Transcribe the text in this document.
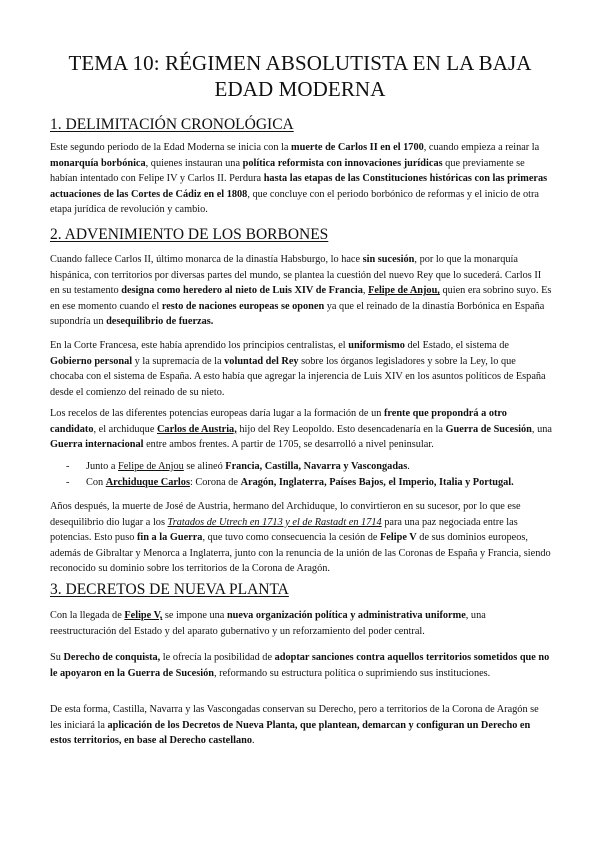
TEMA 10: RÉGIMEN ABSOLUTISTA EN LA BAJA
EDAD MODERNA
1. DELIMITACIÓN CRONOLÓGICA
Este segundo periodo de la Edad Moderna se inicia con la muerte de Carlos II en el 1700, cuando empieza a reinar la monarquía borbónica, quienes instauran una política reformista con innovaciones jurídicas que previamente se habían intentado con Felipe IV y Carlos II. Perdura hasta las etapas de las Constituciones históricas con las primeras actuaciones de las Cortes de Cádiz en el 1808, que concluye con el periodo borbónico de reformas y el inicio de otra etapa jurídica de revolución y cambio.
2. ADVENIMIENTO DE LOS BORBONES
Cuando fallece Carlos II, último monarca de la dinastía Habsburgo, lo hace sin sucesión, por lo que la monarquía hispánica, con territorios por diversas partes del mundo, se plantea la cuestión del nuevo Rey que lo sucederá. Carlos II en su testamento designa como heredero al nieto de Luis XIV de Francia, Felipe de Anjou, quien era sobrino suyo. Es en ese momento cuando el resto de naciones europeas se oponen ya que el reinado de la dinastía Borbónica en España supondría un desequilibrio de fuerzas.
En la Corte Francesa, este había aprendido los principios centralistas, el uniformismo del Estado, el sistema de Gobierno personal y la supremacía de la voluntad del Rey sobre los órganos legisladores y sobre la Ley, lo que chocaba con el sistema de España. A esto había que agregar la injerencia de Luis XIV en los asuntos políticos de España desde el comienzo del reinado de su nieto.
Los recelos de las diferentes potencias europeas daría lugar a la formación de un frente que propondrá a otro candidato, el archiduque Carlos de Austria, hijo del Rey Leopoldo. Esto desencadenaría en la Guerra de Sucesión, una Guerra internacional entre ambos frentes. A partir de 1705, se desarrolló a nivel peninsular.
- Junto a Felipe de Anjou se alineó Francia, Castilla, Navarra y Vascongadas.
- Con Archiduque Carlos: Corona de Aragón, Inglaterra, Países Bajos, el Imperio, Italia y Portugal.
Años después, la muerte de José de Austria, hermano del Archiduque, lo convirtieron en su sucesor, por lo que ese desequilibrio dio lugar a los Tratados de Utrech en 1713 y el de Rastadt en 1714 para una paz negociada entre las potencias. Esto puso fin a la Guerra, que tuvo como consecuencia la cesión de Felipe V de sus dominios europeos, además de Gibraltar y Menorca a Inglaterra, junto con la renuncia de la unión de las Coronas de España y Francia, siendo reconocido su dominio sobre los territorios de la Corona de Aragón.
3. DECRETOS DE NUEVA PLANTA
Con la llegada de Felipe V, se impone una nueva organización política y administrativa uniforme, una reestructuración del Estado y del aparato gubernativo y un reforzamiento del poder central.
Su Derecho de conquista, le ofrecía la posibilidad de adoptar sanciones contra aquellos territorios sometidos que no le apoyaron en la Guerra de Sucesión, reformando su estructura política o suprimiendo sus instituciones.
De esta forma, Castilla, Navarra y las Vascongadas conservan su Derecho, pero a territorios de la Corona de Aragón se les iniciará la aplicación de los Decretos de Nueva Planta, que plantean, demarcan y configuran un Derecho en estos territorios, en base al Derecho castellano.
